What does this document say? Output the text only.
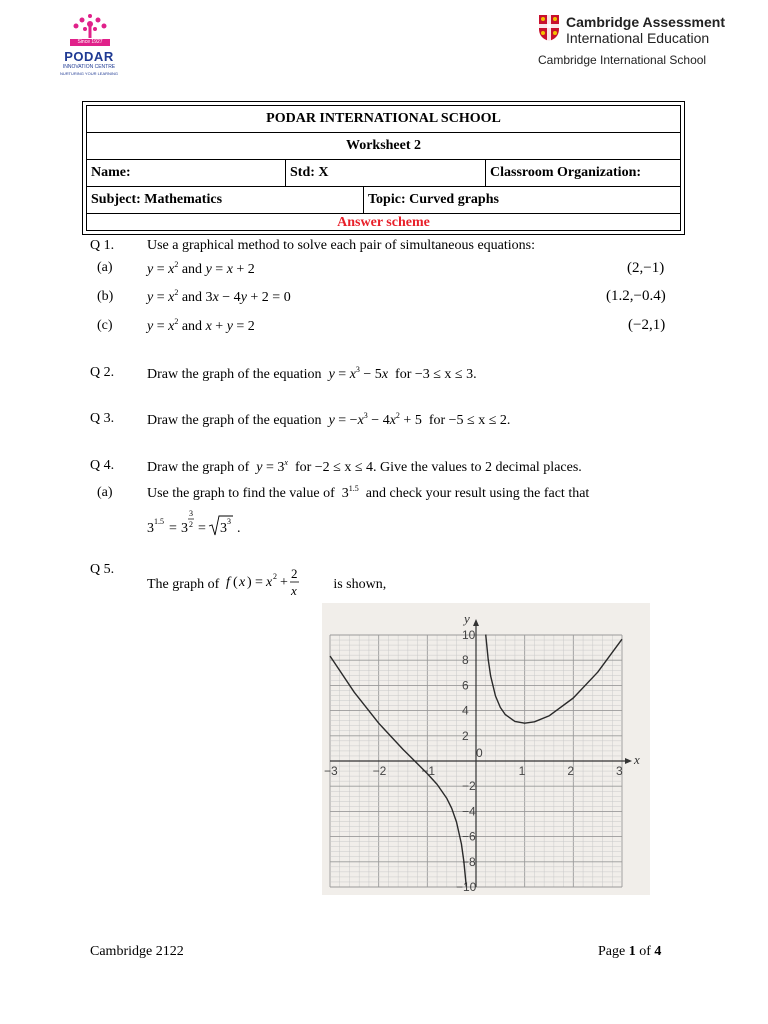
Since 1927
PODAR
INNOVATION CENTRE
NURTURING YOUR LEARNING
Cambridge Assessment
International Education
Cambridge International School
PODAR INTERNATIONAL SCHOOL
Worksheet 2
Name:	Std: X	Classroom Organization:
Subject: Mathematics	Topic: Curved graphs
Answer scheme
Q 1. Use a graphical method to solve each pair of simultaneous equations:
(a) $y = x^2$ and y = x + 2	(2,−1)
(b) $y = x^2$ and 3x − 4y + 2 = 0	(1.2,−0.4)
(c) $y = x^2$ and x + y = 2	(−2,1)
Q 2. Draw the graph of the equation $y = x^3 - 5x$ for −3 ≤ x ≤ 3.
Q 3. Draw the graph of the equation $y = -x^3 - 4x^2 + 5$  for −5 ≤ x ≤ 2.
Q 4. Draw the graph of $y = 3^x$ for −2 ≤ x ≤ 4. Give the values to 2 decimal places.
(a) Use the graph to find the value of  $3^{1.5}$ and check your result using the fact that
3 1.5 = 3
3
2 = 3 3 .
Q 5.
The graph of f ( x ) = x 2 +
2
x	is shown,
x
y
−3	−2	−1
0
1	2	3
10
8
6
4
2
−2
−4
−6
−8
−10
Cambridge 2122	Page 1 of 4
